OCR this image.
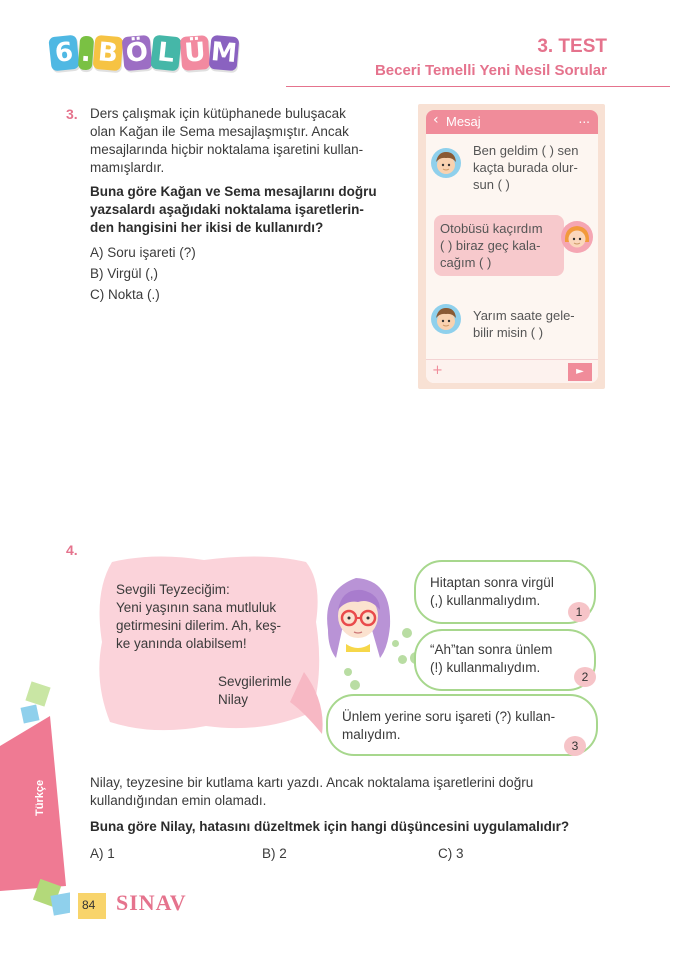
6 . B Ö L Ü M	3. TEST
Beceri Temelli Yeni Nesil Sorular
3. Ders çalışmak için kütüphanede buluşacak
olan Kağan ile Sema mesajlaşmıştır. Ancak
mesajlarında hiçbir noktalama işaretini kullan-
mamışlardır.

Buna göre Kağan ve Sema mesajlarını doğru
yazsalardı aşağıdaki noktalama işaretlerin-
den hangisini her ikisi de kullanırdı?

A) Soru işareti (?)
B) Virgül (,)
C) Nokta (.)
‹ Mesaj	...
Ben geldim ( ) sen
kaçta burada olur-
sun ( )
Otobüsü kaçırdım
( ) biraz geç kala-
cağım ( )
Yarım saate gele-
bilir misin ( )
+	►
4.
Sevgili Teyzeciğim:
Yeni yaşının sana mutluluk
getirmesini dilerim. Ah, keş-
ke yanında olabilsem!
Sevgilerimle
Nilay
Hitaptan sonra virgül
(,) kullanmalıydım.
1
“Ah”tan sonra ünlem
(!) kullanmalıydım.
2
Ünlem yerine soru işareti (?) kullan-
malıydım.
3

Nilay, teyzesine bir kutlama kartı yazdı. Ancak noktalama işaretlerini doğru
kullandığından emin olamadı.

Buna göre Nilay, hatasını düzeltmek için hangi düşüncesini uygulamalıdır?

A) 1	B) 2	C) 3
Türkçe
84 SINAV
